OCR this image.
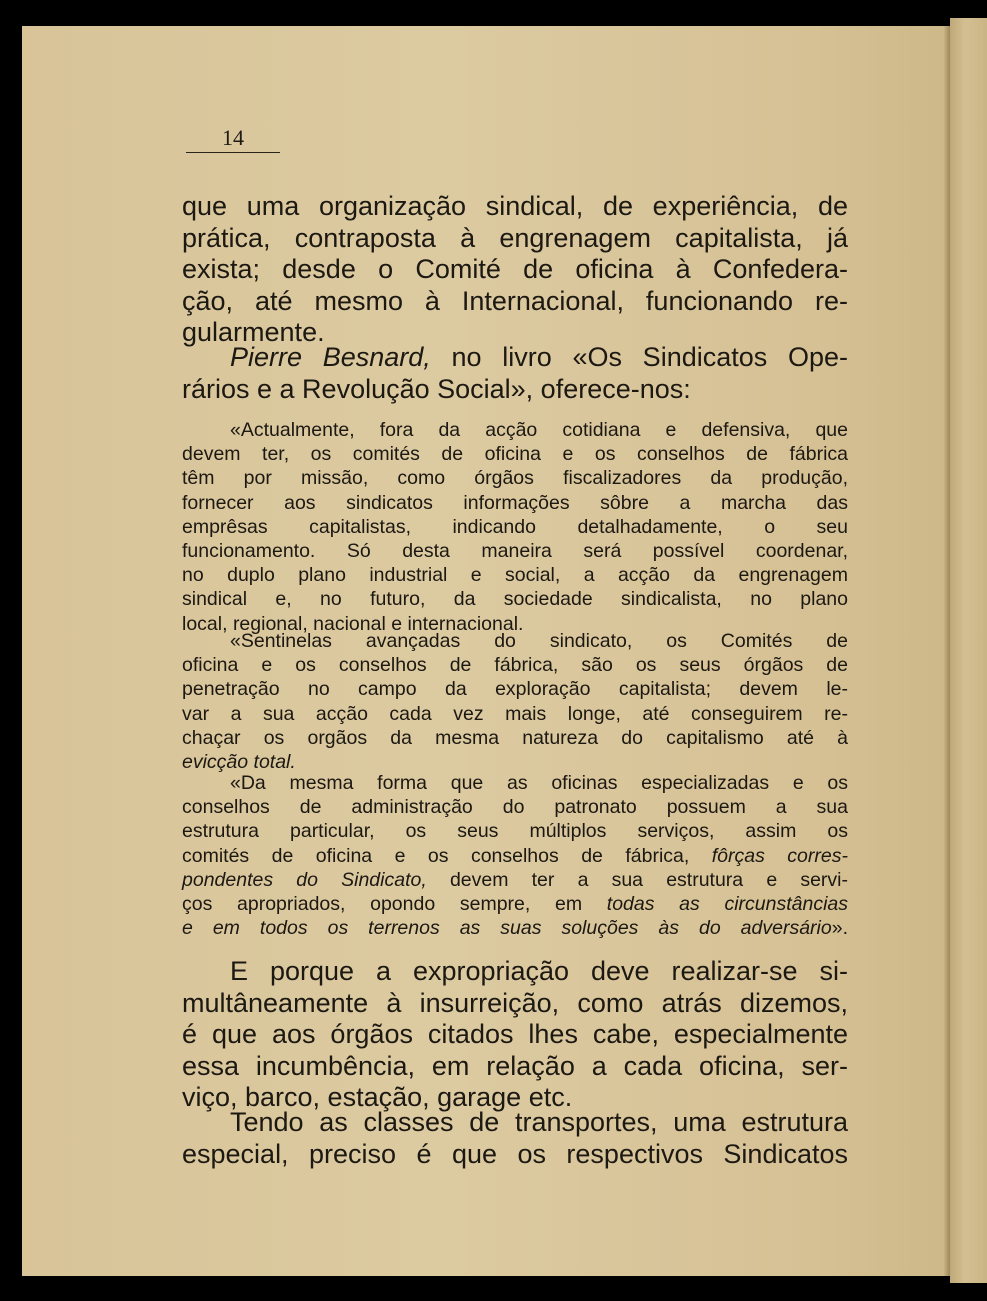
14
que uma organização sindical, de experiência, de
prática, contraposta à engrenagem capitalista, já
exista; desde o Comité de oficina à Confedera-
ção, até mesmo à Internacional, funcionando re-
gularmente.
Pierre Besnard, no livro «Os Sindicatos Ope-
rários e a Revolução Social», oferece-nos:
«Actualmente, fora da acção cotidiana e defensiva, que
devem ter, os comités de oficina e os conselhos de fábrica
têm por missão, como órgãos fiscalizadores da produção,
fornecer aos sindicatos informações sôbre a marcha das
emprêsas capitalistas, indicando detalhadamente, o seu
funcionamento. Só desta maneira será possível coordenar,
no duplo plano industrial e social, a acção da engrenagem
sindical e, no futuro, da sociedade sindicalista, no plano
local, regional, nacional e internacional.
«Sentinelas avançadas do sindicato, os Comités de
oficina e os conselhos de fábrica, são os seus órgãos de
penetração no campo da exploração capitalista; devem le-
var a sua acção cada vez mais longe, até conseguirem re-
chaçar os orgãos da mesma natureza do capitalismo até à
evicção total.
«Da mesma forma que as oficinas especializadas e os
conselhos de administração do patronato possuem a sua
estrutura particular, os seus múltiplos serviços, assim os
comités de oficina e os conselhos de fábrica, fôrças corres-
pondentes do Sindicato, devem ter a sua estrutura e servi-
ços apropriados, opondo sempre, em todas as circunstâncias
e em todos os terrenos as suas soluções às do adversário».
E porque a expropriação deve realizar-se si-
multâneamente à insurreição, como atrás dizemos,
é que aos órgãos citados lhes cabe, especialmente
essa incumbência, em relação a cada oficina, ser-
viço, barco, estação, garage etc.
Tendo as classes de transportes, uma estrutura
especial, preciso é que os respectivos Sindicatos
